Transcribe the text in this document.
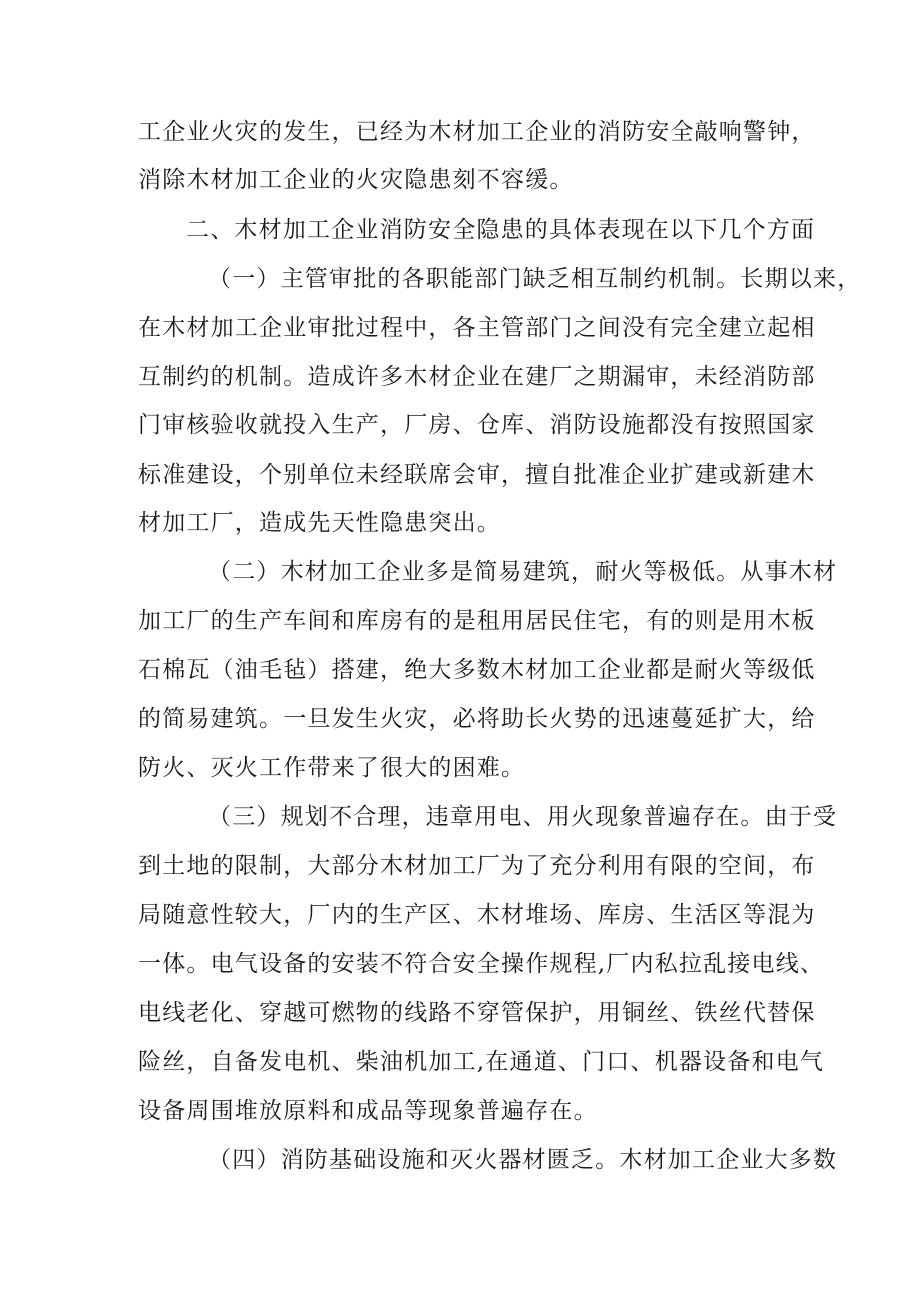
工企业火灾的发生，已经为木材加工企业的消防安全敲响警钟，
消除木材加工企业的火灾隐患刻不容缓。
二、木材加工企业消防安全隐患的具体表现在以下几个方面
（一）主管审批的各职能部门缺乏相互制约机制。长期以来，
在木材加工企业审批过程中，各主管部门之间没有完全建立起相
互制约的机制。造成许多木材企业在建厂之期漏审，未经消防部
门审核验收就投入生产，厂房、仓库、消防设施都没有按照国家
标准建设，个别单位未经联席会审，擅自批准企业扩建或新建木
材加工厂，造成先天性隐患突出。
（二）木材加工企业多是简易建筑，耐火等极低。从事木材
加工厂的生产车间和库房有的是租用居民住宅，有的则是用木板
石棉瓦（油毛毡）搭建，绝大多数木材加工企业都是耐火等级低
的简易建筑。一旦发生火灾，必将助长火势的迅速蔓延扩大，给
防火、灭火工作带来了很大的困难。
（三）规划不合理，违章用电、用火现象普遍存在。由于受
到土地的限制，大部分木材加工厂为了充分利用有限的空间，布
局随意性较大，厂内的生产区、木材堆场、库房、生活区等混为
一体。电气设备的安装不符合安全操作规程,厂内私拉乱接电线、
电线老化、穿越可燃物的线路不穿管保护，用铜丝、铁丝代替保
险丝，自备发电机、柴油机加工,在通道、门口、机器设备和电气
设备周围堆放原料和成品等现象普遍存在。
（四）消防基础设施和灭火器材匮乏。木材加工企业大多数
